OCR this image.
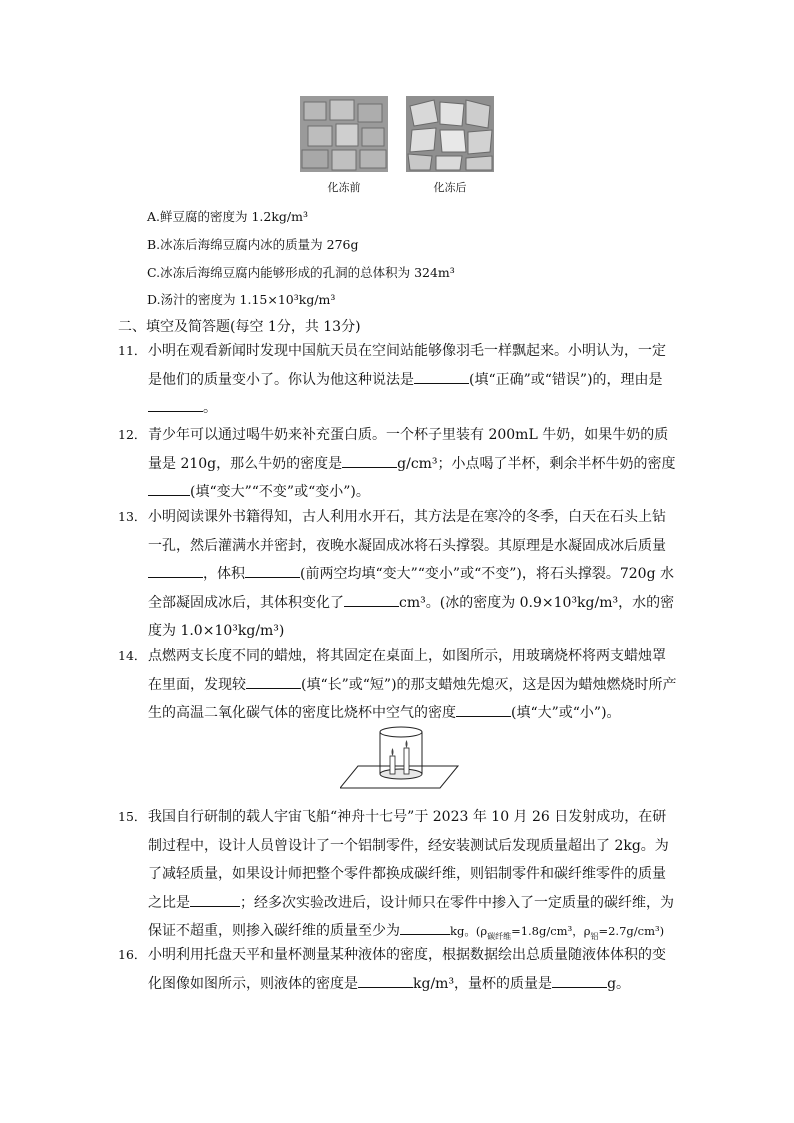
化冻前	化冻后
A.鲜豆腐的密度为 1.2kg/m³
B.冰冻后海绵豆腐内冰的质量为 276g
C.冰冻后海绵豆腐内能够形成的孔洞的总体积为 324m³
D.汤汁的密度为 1.15×10³kg/m³
二、填空及简答题(每空 1分，共 13分)
11． 小明在观看新闻时发现中国航天员在空间站能够像羽毛一样飘起来。小明认为，一定是他们的质量变小了。你认为他这种说法是	(填“正确”或“错误”)的，理由是。
12． 青少年可以通过喝牛奶来补充蛋白质。一个杯子里装有 200mL 牛奶，如果牛奶的质量是 210g，那么牛奶的密度是	g/cm³；小点喝了半杯，剩余半杯牛奶的密度(填“变大”“不变”或“变小”)。
13． 小明阅读课外书籍得知，古人利用水开石，其方法是在寒冷的冬季，白天在石头上钻一孔，然后灌满水并密封，夜晚水凝固成冰将石头撑裂。其原理是水凝固成冰后质量，体积	(前两空均填“变大”“变小”或“不变”)，将石头撑裂。720g 水全部凝固成冰后，其体积变化了	cm³。(冰的密度为 0.9×10³kg/m³，水的密度为 1.0×10³kg/m³)
14． 点燃两支长度不同的蜡烛，将其固定在桌面上，如图所示，用玻璃烧杯将两支蜡烛罩在里面，发现较	(填“长”或“短”)的那支蜡烛先熄灭，这是因为蜡烛燃烧时所产生的高温二氧化碳气体的密度比烧杯中空气的密度	(填“大”或“小”)。
15． 我国自行研制的载人宇宙飞船“神舟十七号”于 2023 年 10 月 26 日发射成功，在研制过程中，设计人员曾设计了一个铝制零件，经安装测试后发现质量超出了 2kg。为了减轻质量，如果设计师把整个零件都换成碳纤维，则铝制零件和碳纤维零件的质量之比是	；经多次实验改进后，设计师只在零件中掺入了一定质量的碳纤维，为保证不超重，则掺入碳纤维的质量至少为	kg。($\rho_{碳纤维}=1.8g$/cm³，$\rho_铝=2.7g/cm^3$)
16． 小明利用托盘天平和量杯测量某种液体的密度，根据数据绘出总质量随液体体积的变化图像如图所示，则液体的密度是	kg/m³，量杯的质量是	g。
